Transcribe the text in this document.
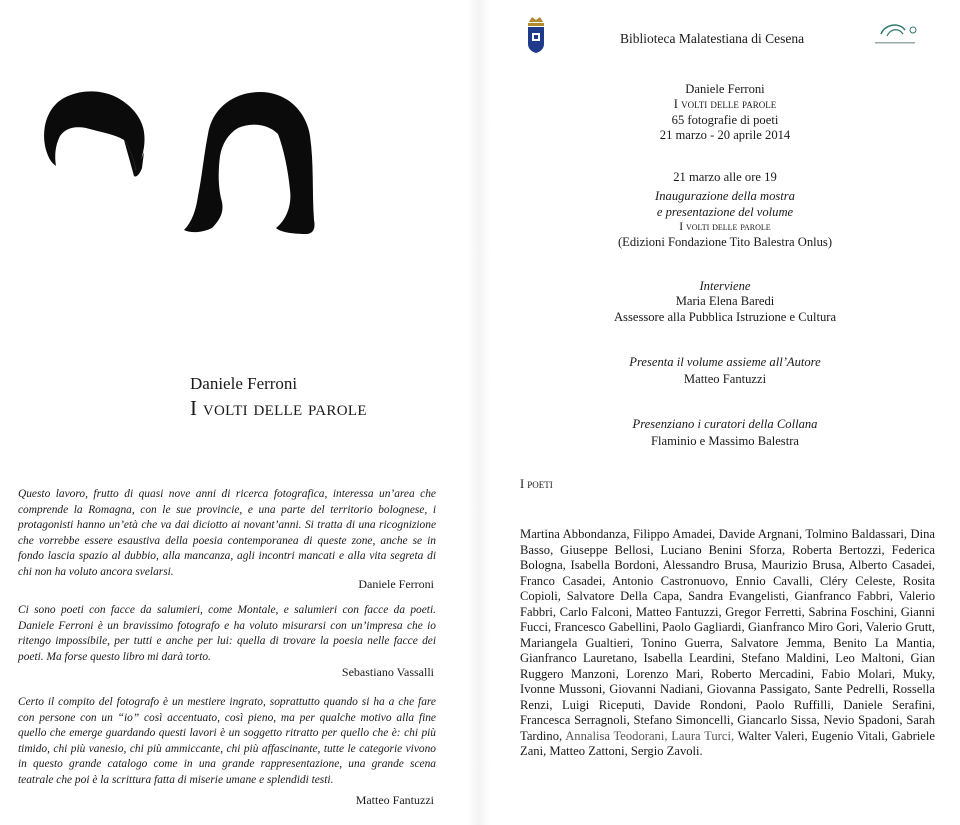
Daniele Ferroni
I volti delle parole

Questo lavoro, frutto di quasi nove anni di ricerca fotografica, interessa un’area che comprende la Romagna, con le sue provincie, e una parte del territorio bolognese, i protagonisti hanno un’età che va dai diciotto ai novant’anni. Si tratta di una ricognizione che vorrebbe essere esaustiva della poesia contemporanea di queste zone, anche se in fondo lascia spazio al dubbio, alla mancanza, agli incontri mancati e alla vita segreta di chi non ha voluto ancora svelarsi.

Daniele Ferroni

Ci sono poeti con facce da salumieri, come Montale, e salumieri con facce da poeti. Daniele Ferroni è un bravissimo fotografo e ha voluto misurarsi con un’impresa che io ritengo impossibile, per tutti e anche per lui: quella di trovare la poesia nelle facce dei poeti. Ma forse questo libro mi darà torto.

Sebastiano Vassalli

Certo il compito del fotografo è un mestiere ingrato, soprattutto quando si ha a che fare con persone con un “io” così accentuato, così pieno, ma per qualche motivo alla fine quello che emerge guardando questi lavori è un soggetto ritratto per quello che è: chi più timido, chi più vanesio, chi più ammiccante, chi più affascinante, tutte le categorie vivono in questo grande catalogo come in una grande rappresentazione, una grande scena teatrale che poi è la scrittura fatta di miserie umane e splendidi testi.

Matteo Fantuzzi
Biblioteca Malatestiana di Cesena
Daniele Ferroni
I volti delle parole
65 fotografie di poeti
21 marzo - 20 aprile 2014
21 marzo alle ore 19
Inaugurazione della mostra
e presentazione del volume
I volti delle parole
(Edizioni Fondazione Tito Balestra Onlus)
Interviene
Maria Elena Baredi
Assessore alla Pubblica Istruzione e Cultura
Presenta il volume assieme all’Autore
Matteo Fantuzzi
Presenziano i curatori della Collana
Flaminio e Massimo Balestra
I poeti

Martina Abbondanza, Filippo Amadei, Davide Argnani, Tolmino Baldassari, Dina Basso, Giuseppe Bellosi, Luciano Benini Sforza, Roberta Bertozzi, Federica Bologna, Isabella Bordoni, Alessandro Brusa, Maurizio Brusa, Alberto Casadei, Franco Casadei, Antonio Castronuovo, Ennio Cavalli, Cléry Celeste, Rosita Copioli, Salvatore Della Capa, Sandra Evangelisti, Gianfranco Fabbri, Valerio Fabbri, Carlo Falconi, Matteo Fantuzzi, Gregor Ferretti, Sabrina Foschini, Gianni Fucci, Francesco Gabellini, Paolo Gagliardi, Gianfranco Miro Gori, Valerio Grutt, Mariangela Gualtieri, Tonino Guerra, Salvatore Jemma, Benito La Mantia, Gianfranco Lauretano, Isabella Leardini, Stefano Maldini, Leo Maltoni, Gian Ruggero Manzoni, Lorenzo Mari, Roberto Mercadini, Fabio Molari, Muky, Ivonne Mussoni, Giovanni Nadiani, Giovanna Passigato, Sante Pedrelli, Rossella Renzi, Luigi Riceputi, Davide Rondoni, Paolo Ruffilli, Daniele Serafini, Francesca Serragnoli, Stefano Simoncelli, Giancarlo Sissa, Nevio Spadoni, Sarah Tardino, Annalisa Teodorani, Laura Turci, Walter Valeri, Eugenio Vitali, Gabriele Zani, Matteo Zattoni, Sergio Zavoli.
